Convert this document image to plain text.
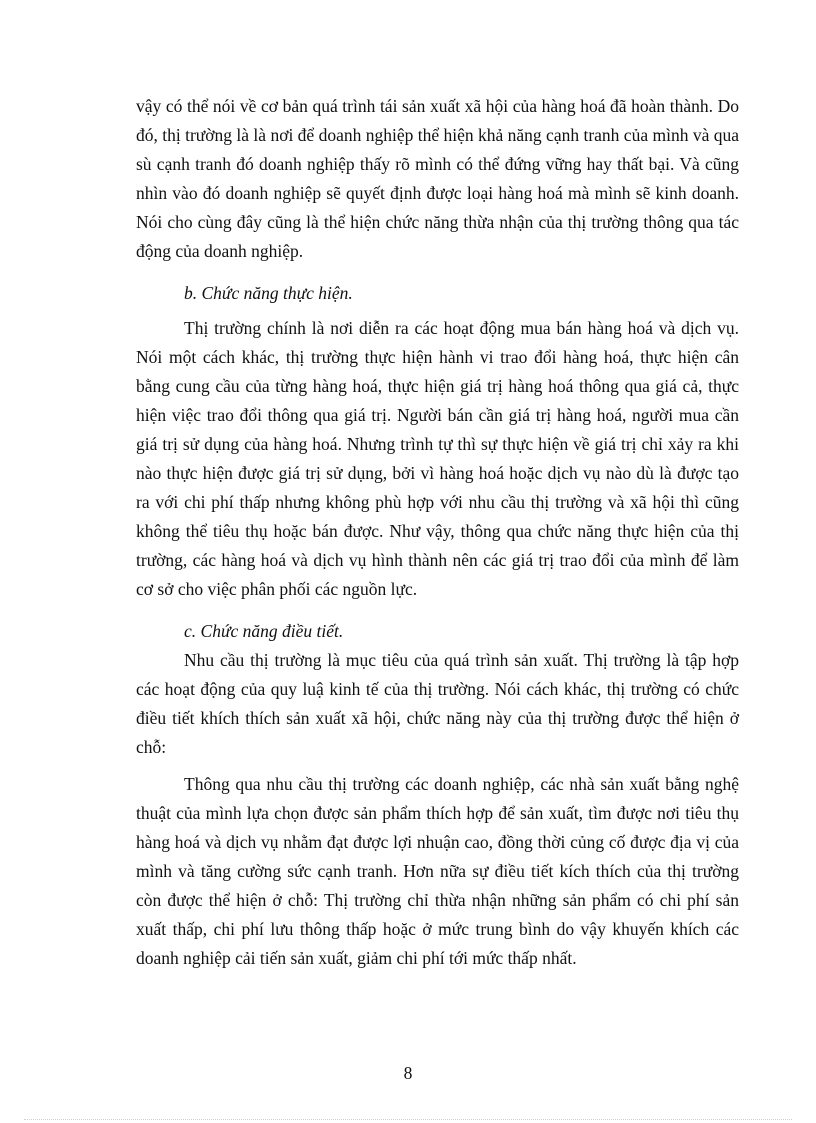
vậy có thể nói về cơ bản quá trình tái sản xuất xã hội của hàng hoá đã hoàn thành. Do đó, thị trường là là nơi để doanh nghiệp thể hiện khả năng cạnh tranh của mình và qua sù cạnh tranh đó doanh nghiệp thấy rõ mình có thể đứng vững hay thất bại. Và cũng nhìn vào đó doanh nghiệp sẽ quyết định được loại hàng hoá mà mình sẽ kinh doanh. Nói cho cùng đây cũng là thể hiện chức năng thừa nhận của thị trường thông qua tác động của doanh nghiệp.

b. Chức năng thực hiện.

Thị trường chính là nơi diễn ra các hoạt động mua bán hàng hoá và dịch vụ. Nói một cách khác, thị trường thực hiện hành vi trao đổi hàng hoá, thực hiện cân bằng cung cầu của từng hàng hoá, thực hiện giá trị hàng hoá thông qua giá cả, thực hiện việc trao đổi thông qua giá trị. Người bán cần giá trị hàng hoá, người mua cần giá trị sử dụng của hàng hoá. Nhưng trình tự thì sự thực hiện về giá trị chỉ xảy ra khi nào thực hiện được giá trị sử dụng, bởi vì hàng hoá hoặc dịch vụ nào dù là được tạo ra với chi phí thấp nhưng không phù hợp với nhu cầu thị trường và xã hội thì cũng không thể tiêu thụ hoặc bán được. Như vậy, thông qua chức năng thực hiện của thị trường, các hàng hoá và dịch vụ hình thành nên các giá trị trao đổi của mình để làm cơ sở cho việc phân phối các nguồn lực.

c. Chức năng điều tiết.

Nhu cầu thị trường là mục tiêu của quá trình sản xuất. Thị trường là tập hợp các hoạt động của quy luậ kinh tế của thị trường. Nói cách khác, thị trường có chức điều tiết khích thích sản xuất xã hội, chức năng này của thị trường được thể hiện ở chỗ:

Thông qua nhu cầu thị trường các doanh nghiệp, các nhà sản xuất bằng nghệ thuật của mình lựa chọn được sản phẩm thích hợp để sản xuất, tìm được nơi tiêu thụ hàng hoá và dịch vụ nhằm đạt được lợi nhuận cao, đồng thời củng cố được địa vị của mình và tăng cường sức cạnh tranh. Hơn nữa sự điều tiết kích thích của thị trường còn được thể hiện ở chỗ: Thị trường chỉ thừa nhận những sản phẩm có chi phí sản xuất thấp, chi phí lưu thông thấp hoặc ở mức trung bình do vậy khuyến khích các doanh nghiệp cải tiến sản xuất, giảm chi phí tới mức thấp nhất.

8
